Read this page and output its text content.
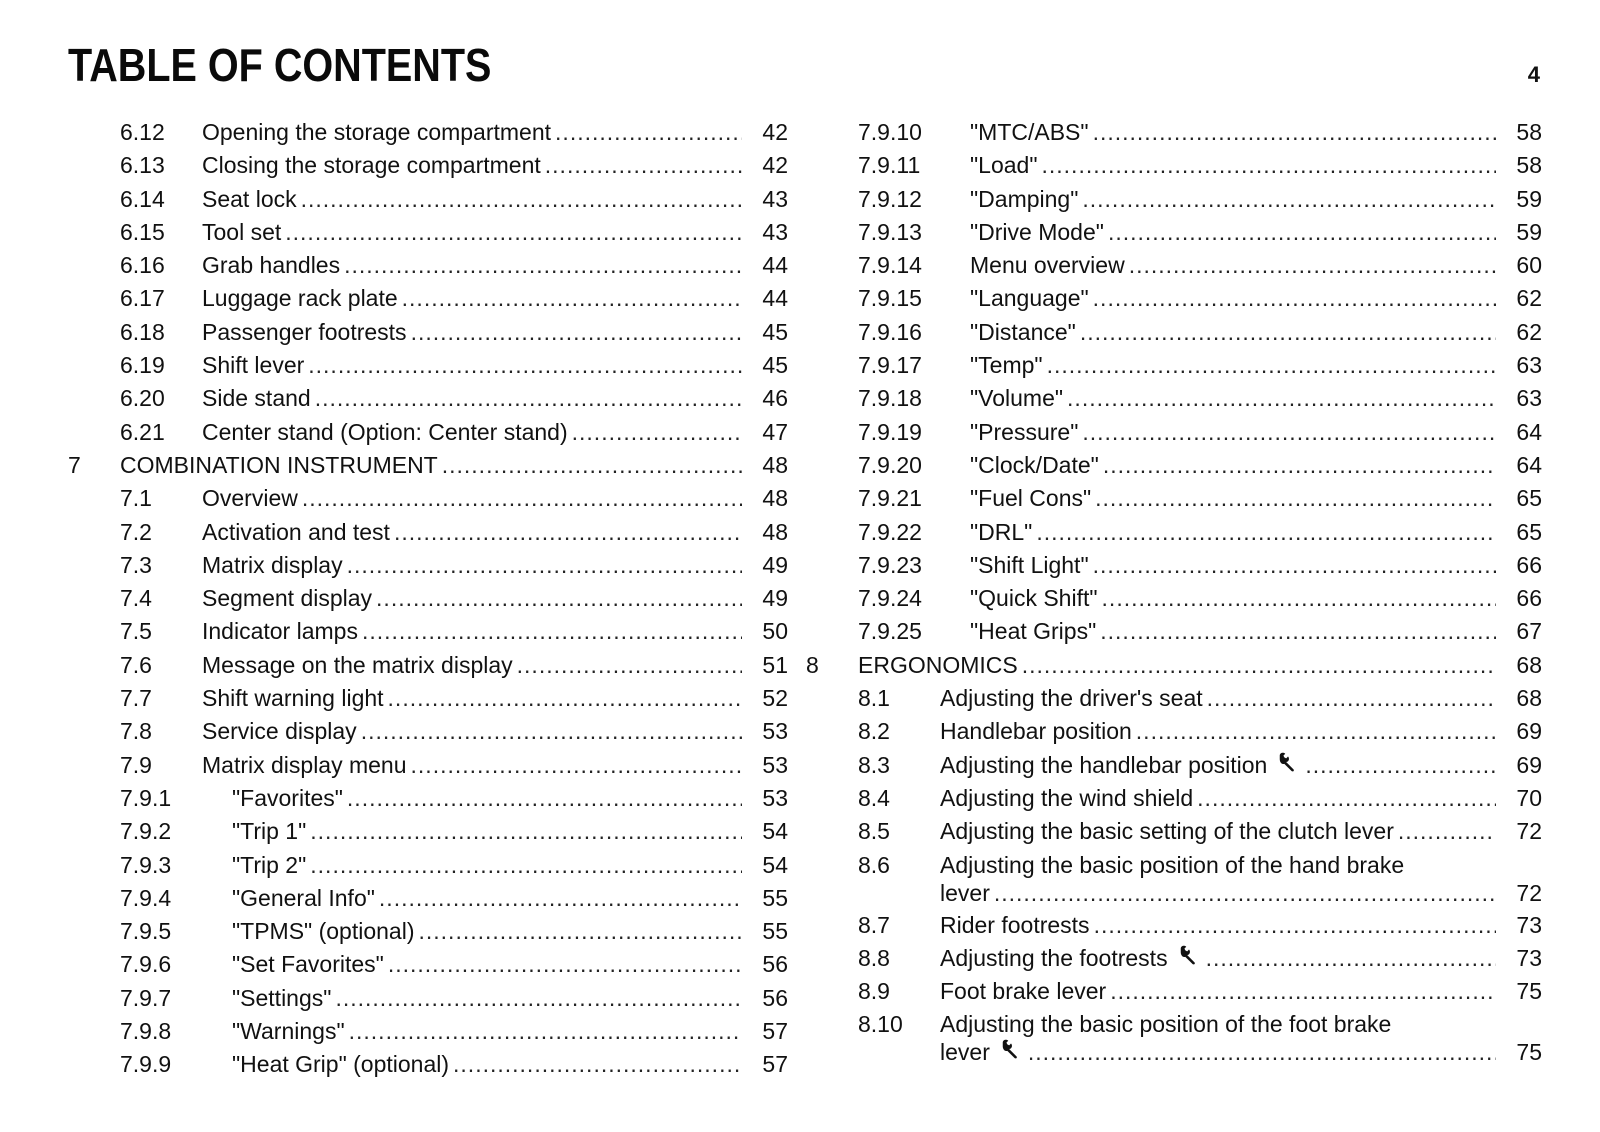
TABLE OF CONTENTS	4
6.12 Opening the storage compartment .....	42
6.13 Closing the storage compartment .....	42
6.14 Seat lock .....	43
6.15 Tool set .....	43
6.16 Grab handles .....	44
6.17 Luggage rack plate .....	44
6.18 Passenger footrests .....	45
6.19 Shift lever .....	45
6.20 Side stand .....	46
6.21 Center stand (Option: Center stand) .....	47
7 COMBINATION INSTRUMENT .....	48
7.1 Overview .....	48
7.2 Activation and test .....	48
7.3 Matrix display .....	49
7.4 Segment display .....	49
7.5 Indicator lamps .....	50
7.6 Message on the matrix display .....	51
7.7 Shift warning light .....	52
7.8 Service display .....	53
7.9 Matrix display menu .....	53
7.9.1	"Favorites" .....	53
7.9.2	"Trip 1" .....	54
7.9.3	"Trip 2" .....	54
7.9.4	"General Info" .....	55
7.9.5	"TPMS" (optional) .....	55
7.9.6	"Set Favorites" .....	56
7.9.7	"Settings" .....	56
7.9.8	"Warnings" .....	57
7.9.9	"Heat Grip" (optional) .....	57
7.9.10 "MTC/ABS" .....	58
7.9.11 "Load" .....	58
7.9.12 "Damping" .....	59
7.9.13 "Drive Mode" .....	59
7.9.14 Menu overview .....	60
7.9.15 "Language" .....	62
7.9.16 "Distance" .....	62
7.9.17 "Temp" .....	63
7.9.18 "Volume" .....	63
7.9.19 "Pressure" .....	64
7.9.20 "Clock/Date" .....	64
7.9.21 "Fuel Cons" .....	65
7.9.22 "DRL" .....	65
7.9.23 "Shift Light" .....	66
7.9.24 "Quick Shift" .....	66
7.9.25 "Heat Grips" .....	67
8 ERGONOMICS .....	68
8.1 Adjusting the driver's seat .....	68
8.2 Handlebar position .....	69
8.3 Adjusting the handlebar position .....	69
8.4 Adjusting the wind shield .....	70
8.5 Adjusting the basic setting of the clutch lever .....	72
8.6 Adjusting the basic position of the hand brake
lever .....	72
8.7 Rider footrests .....	73
8.8 Adjusting the footrests .....	73
8.9 Foot brake lever .....	75
8.10 Adjusting the basic position of the foot brake
lever .....	75
